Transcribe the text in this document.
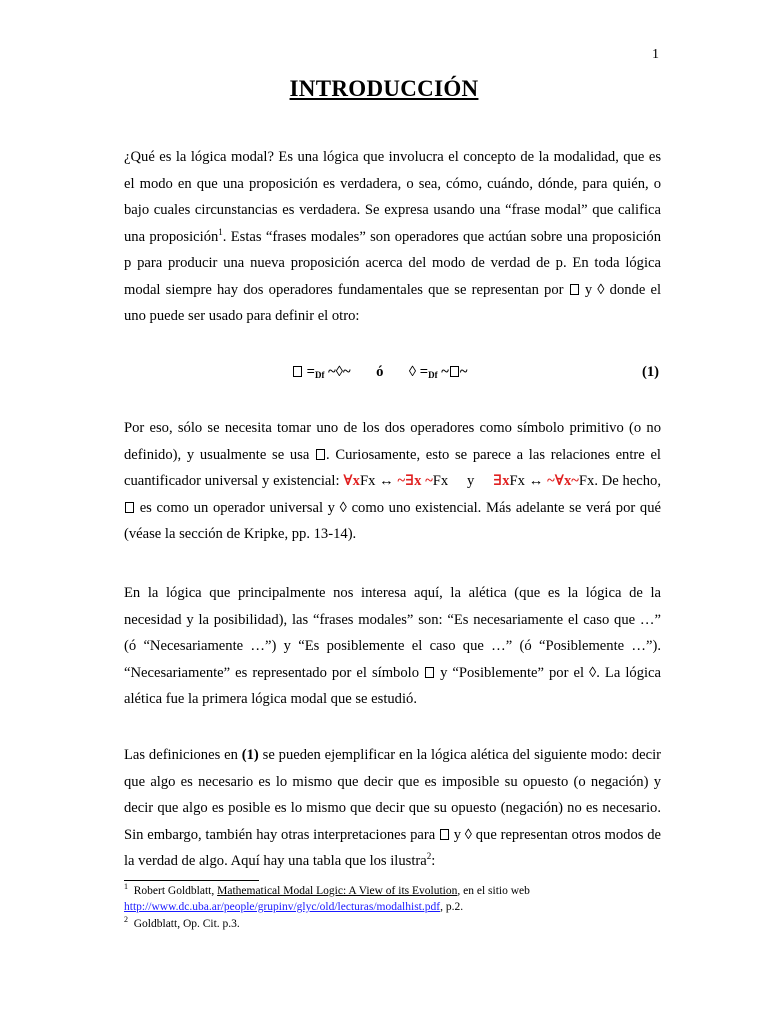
1
INTRODUCCIÓN
¿Qué es la lógica modal? Es una lógica que involucra el concepto de la modalidad, que es el modo en que una proposición es verdadera, o sea, cómo, cuándo, dónde, para quién, o bajo cuales circunstancias es verdadera. Se expresa usando una “frase modal” que califica una proposición$^1$. Estas “frases modales” son operadores que actúan sobre una proposición p para producir una nueva proposición acerca del modo de verdad de p. En toda lógica modal siempre hay dos operadores fundamentales que se representan por y ◊ donde el uno puede ser usado para definir el otro:
$=_{Df}$ ~◊~ ó ◊ $=_{Df}$ ~ ~	(1)
Por eso, sólo se necesita tomar uno de los dos operadores como símbolo primitivo (o no definido), y usualmente se usa . Curiosamente, esto se parece a las relaciones entre el cuantificador universal y existencial: ∀xFx ↔ ~∃x ~Fx y ∃xFx ↔ ~∀x~Fx. De hecho,  es como un operador universal y ◊ como uno existencial. Más adelante se verá por qué (véase la sección de Kripke, pp. 13-14).
En la lógica que principalmente nos interesa aquí, la alética (que es la lógica de la necesidad y la posibilidad), las “frases modales” son: “Es necesariamente el caso que …” (ó “Necesariamente …”) y “Es posiblemente el caso que …” (ó “Posiblemente …”). “Necesariamente” es representado por el símbolo y “Posiblemente” por el ◊. La lógica alética fue la primera lógica modal que se estudió.
Las definiciones en (1) se pueden ejemplificar en la lógica alética del siguiente modo: decir que algo es necesario es lo mismo que decir que es imposible su opuesto (o negación) y decir que algo es posible es lo mismo que decir que su opuesto (negación) no es necesario. Sin embargo, también hay otras interpretaciones para y ◊ que representan otros modos de la verdad de algo. Aquí hay una tabla que los ilustra$^2$:
$^1$ Robert Goldblatt, Mathematical Modal Logic: A View of its Evolution, en el sitio web
http://www.dc.uba.ar/people/grupinv/glyc/old/lecturas/modalhist.pdf, p.2.
$^2$ Goldblatt, Op. Cit. p.3.
